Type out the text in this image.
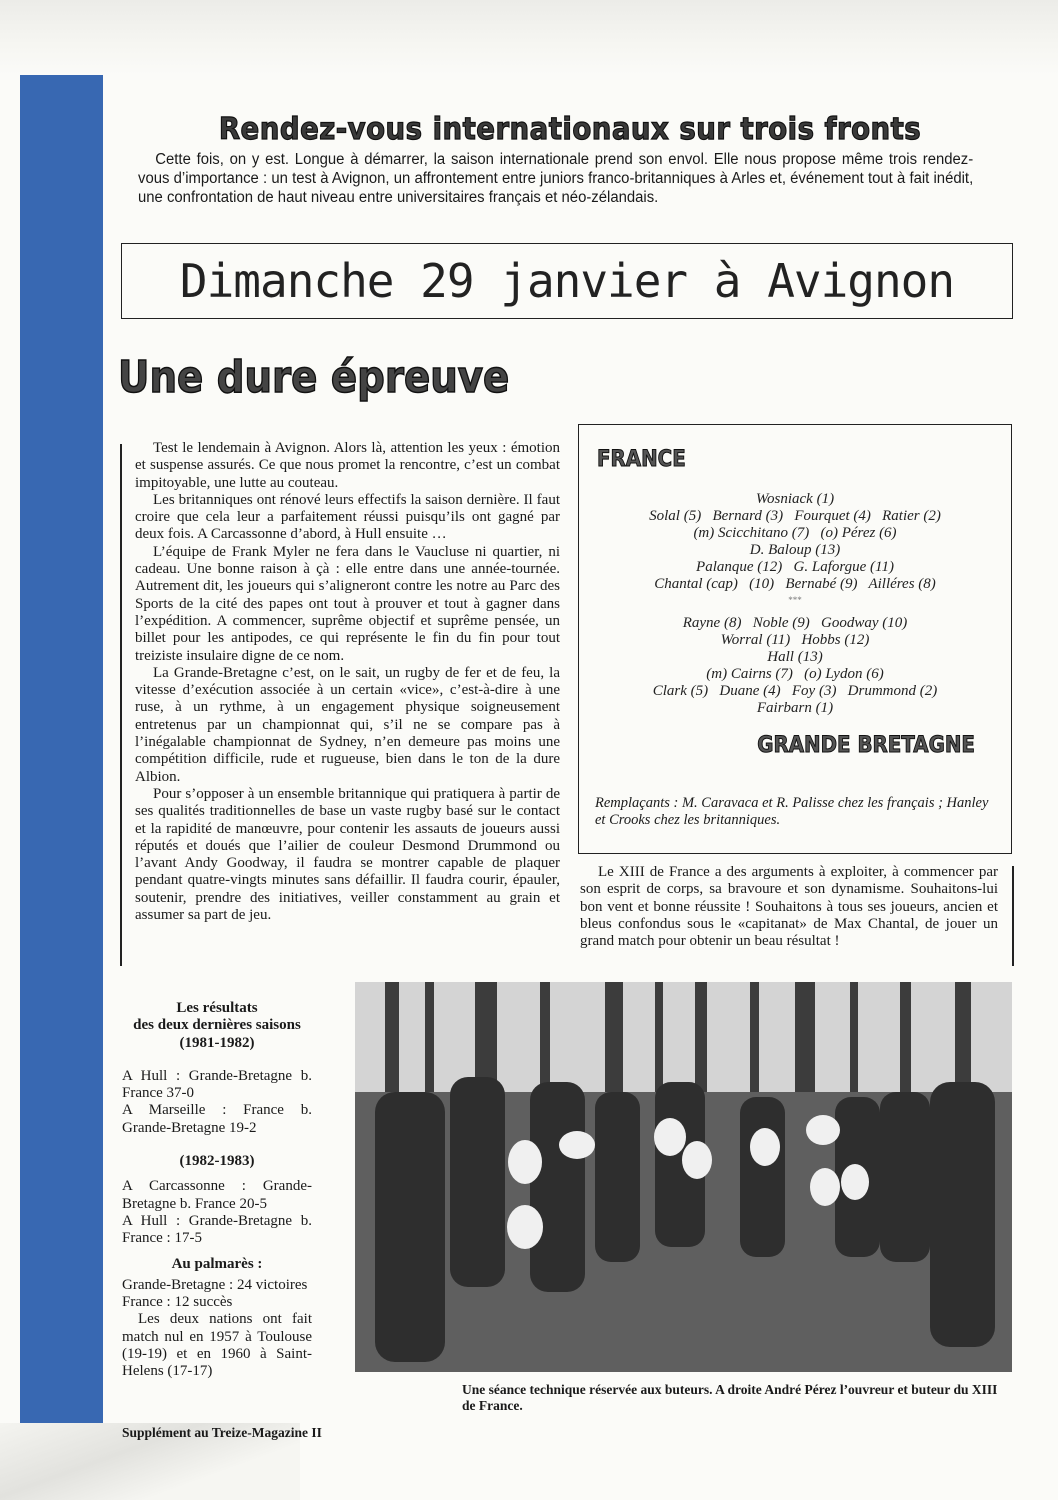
Rendez-vous internationaux sur trois fronts

Cette fois, on y est. Longue à démarrer, la saison internationale prend son envol. Elle nous propose même trois rendez-vous d’importance : un test à Avignon, un affrontement entre juniors franco-britanniques à Arles et, événement tout à fait inédit, une confrontation de haut niveau entre universitaires français et néo-zélandais.

Dimanche 29 janvier à Avignon
Une dure épreuve

Test le lendemain à Avignon. Alors là, attention les yeux : émotion et suspense assurés. Ce que nous promet la rencontre, c’est un combat impitoyable, une lutte au couteau.

Les britanniques ont rénové leurs effectifs la saison dernière. Il faut croire que cela leur a parfaitement réussi puisqu’ils ont gagné par deux fois. A Carcassonne d’abord, à Hull ensuite …

L’équipe de Frank Myler ne fera dans le Vaucluse ni quartier, ni cadeau. Une bonne raison à çà : elle entre dans une année-tournée. Autrement dit, les joueurs qui s’aligneront contre les notre au Parc des Sports de la cité des papes ont tout à prouver et tout à gagner dans l’expédition. A commencer, suprême objectif et suprême pensée, un billet pour les antipodes, ce qui représente le fin du fin pour tout treiziste insulaire digne de ce nom.

La Grande-Bretagne c’est, on le sait, un rugby de fer et de feu, la vitesse d’exécution associée à un certain «vice», c’est-à-dire à une ruse, à un rythme, à un engagement physique soigneusement entretenus par un championnat qui, s’il ne se compare pas à l’inégalable championnat de Sydney, n’en demeure pas moins une compétition difficile, rude et rugueuse, bien dans le ton de la dure Albion.

Pour s’opposer à un ensemble britannique qui pratiquera à partir de ses qualités traditionnelles de base un vaste rugby basé sur le contact et la rapidité de manœuvre, pour contenir les assauts de joueurs aussi réputés et doués que l’ailier de couleur Desmond Drummond ou l’avant Andy Goodway, il faudra se montrer capable de plaquer pendant quatre-vingts minutes sans défaillir. Il faudra courir, épauler, soutenir, prendre des initiatives, veiller constamment au grain et assumer sa part de jeu.

FRANCE
Wosniack (1)
Solal (5)   Bernard (3)   Fourquet (4)   Ratier (2)
(m) Scicchitano (7)   (o) Pérez (6)
D. Baloup (13)
Palanque (12)   G. Laforgue (11)
Chantal (cap)   (10)   Bernabé (9)   Ailléres (8)
***
Rayne (8)   Noble (9)   Goodway (10)
Worral (11)   Hobbs (12)
Hall (13)
(m) Cairns (7)   (o) Lydon (6)
Clark (5)   Duane (4)   Foy (3)   Drummond (2)
Fairbarn (1)
GRANDE BRETAGNE
Remplaçants : M. Caravaca et R. Palisse chez les français ; Hanley et Crooks chez les britanniques.

Le XIII de France a des arguments à exploiter, à commencer par son esprit de corps, sa bravoure et son dynamisme. Souhaitons-lui bon vent et bonne réussite ! Souhaitons à tous ses joueurs, ancien et bleus confondus sous le «capitanat» de Max Chantal, de jouer un grand match pour obtenir un beau résultat !

Les résultats
des deux dernières saisons
(1981-1982)

A Hull : Grande-Bretagne b. France 37-0

A Marseille : France b. Grande-Bretagne 19-2

(1982-1983)

A Carcassonne : Grande-Bretagne b. France 20-5

A Hull : Grande-Bretagne b. France : 17-5

Au palmarès :

Grande-Bretagne : 24 victoires

France : 12 succès

Les deux nations ont fait match nul en 1957 à Toulouse (19-19) et en 1960 à Saint-Helens (17-17)

Une séance technique réservée aux buteurs. A droite André Pérez l’ouvreur et buteur du XIII de France.
Supplément au Treize-Magazine II
